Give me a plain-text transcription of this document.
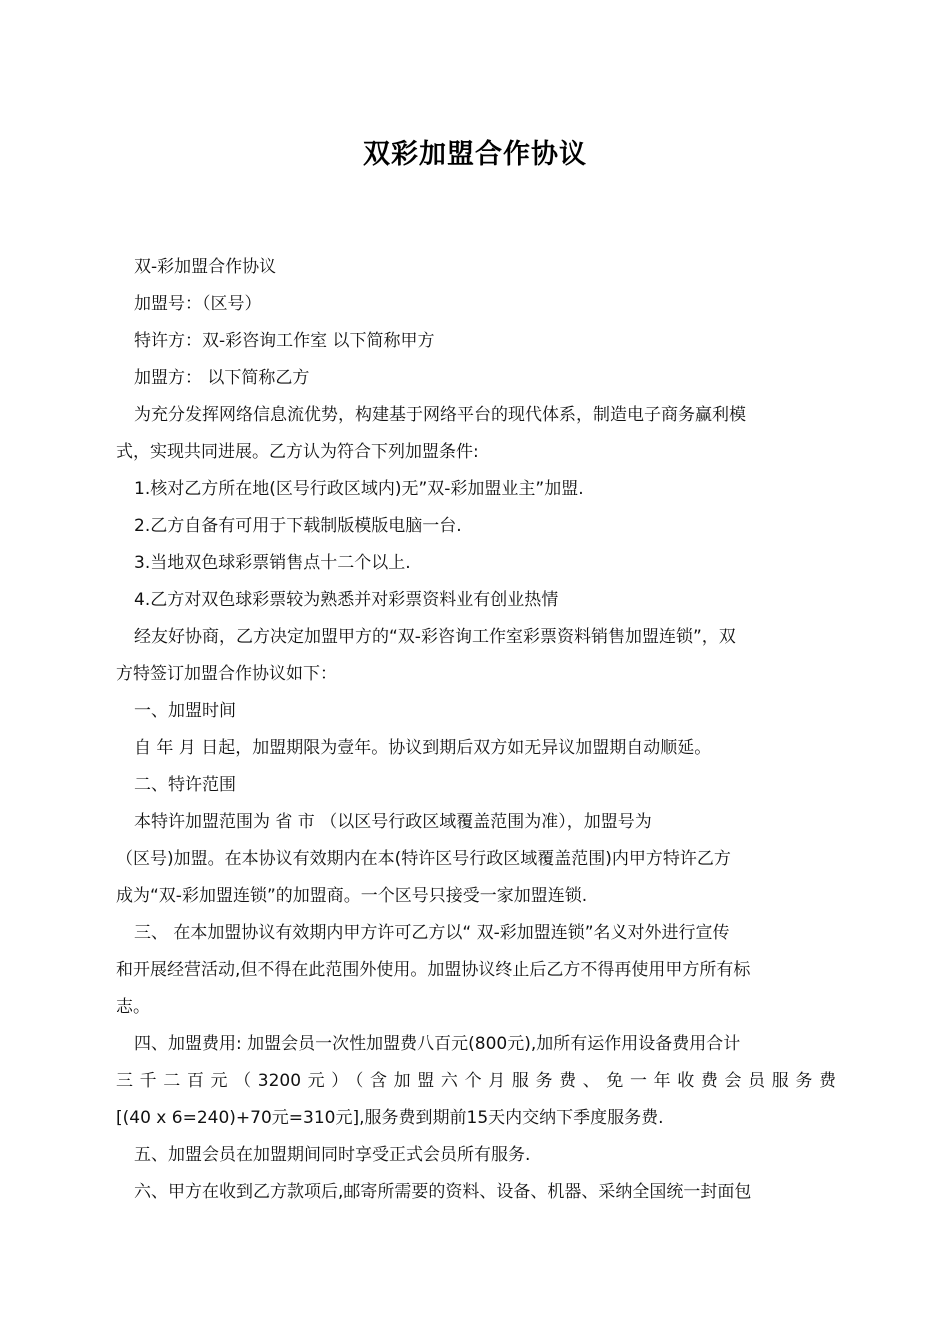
双彩加盟合作协议

双-彩加盟合作协议

加盟号：（区号）

特许方：双-彩咨询工作室 以下简称甲方

加盟方： 以下简称乙方

为充分发挥网络信息流优势，构建基于网络平台的现代体系，制造电子商务赢利模

式，实现共同进展。乙方认为符合下列加盟条件:

1.核对乙方所在地(区号行政区域内)无”双-彩加盟业主”加盟.

2.乙方自备有可用于下载制版模版电脑一台.

3.当地双色球彩票销售点十二个以上.

4.乙方对双色球彩票较为熟悉并对彩票资料业有创业热情

经友好协商，乙方决定加盟甲方的“双-彩咨询工作室彩票资料销售加盟连锁”，双

方特签订加盟合作协议如下：

一、加盟时间

自 年 月 日起，加盟期限为壹年。协议到期后双方如无异议加盟期自动顺延。

二、特许范围

本特许加盟范围为 省 市 （以区号行政区域覆盖范围为准），加盟号为

（区号)加盟。在本协议有效期内在本(特许区号行政区域覆盖范围)内甲方特许乙方

成为“双-彩加盟连锁”的加盟商。一个区号只接受一家加盟连锁.

三、 在本加盟协议有效期内甲方许可乙方以“ 双-彩加盟连锁”名义对外进行宣传

和开展经营活动,但不得在此范围外使用。加盟协议终止后乙方不得再使用甲方所有标

志。

四、加盟费用: 加盟会员一次性加盟费八百元(800元),加所有运作用设备费用合计

三千二百元（3200元）（含加盟六个月服务费、免一年收费会员服务费

[(40 x 6=240)+70元=310元],服务费到期前15天内交纳下季度服务费.

五、加盟会员在加盟期间同时享受正式会员所有服务.

六、甲方在收到乙方款项后,邮寄所需要的资料、设备、机器、采纳全国统一封面包
